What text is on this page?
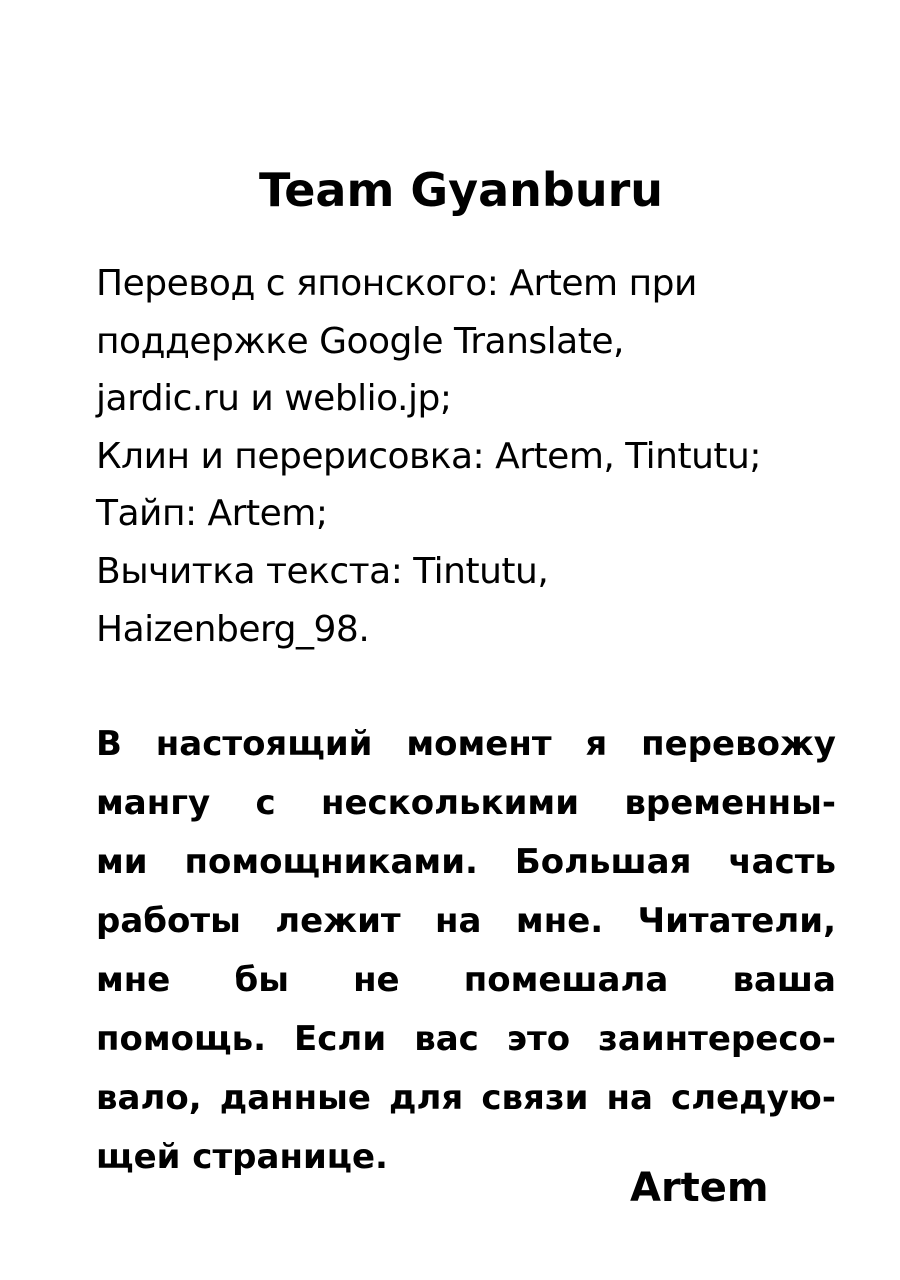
Team Gyanburu
Перевод с японского: Artem при
поддержке Google Translate,
jardic.ru и weblio.jp;
Клин и перерисовка: Artem, Tintutu;
Тайп: Artem;
Вычитка текста: Tintutu,
Haizenberg_98.
В настоящий момент я перевожу
мангу с несколькими временны-
ми помощниками. Большая часть
работы лежит на мне. Читатели,
мне бы не помешала ваша
помощь. Если вас это заинтересо-
вало, данные для связи на следую-
щей странице.
Artem
